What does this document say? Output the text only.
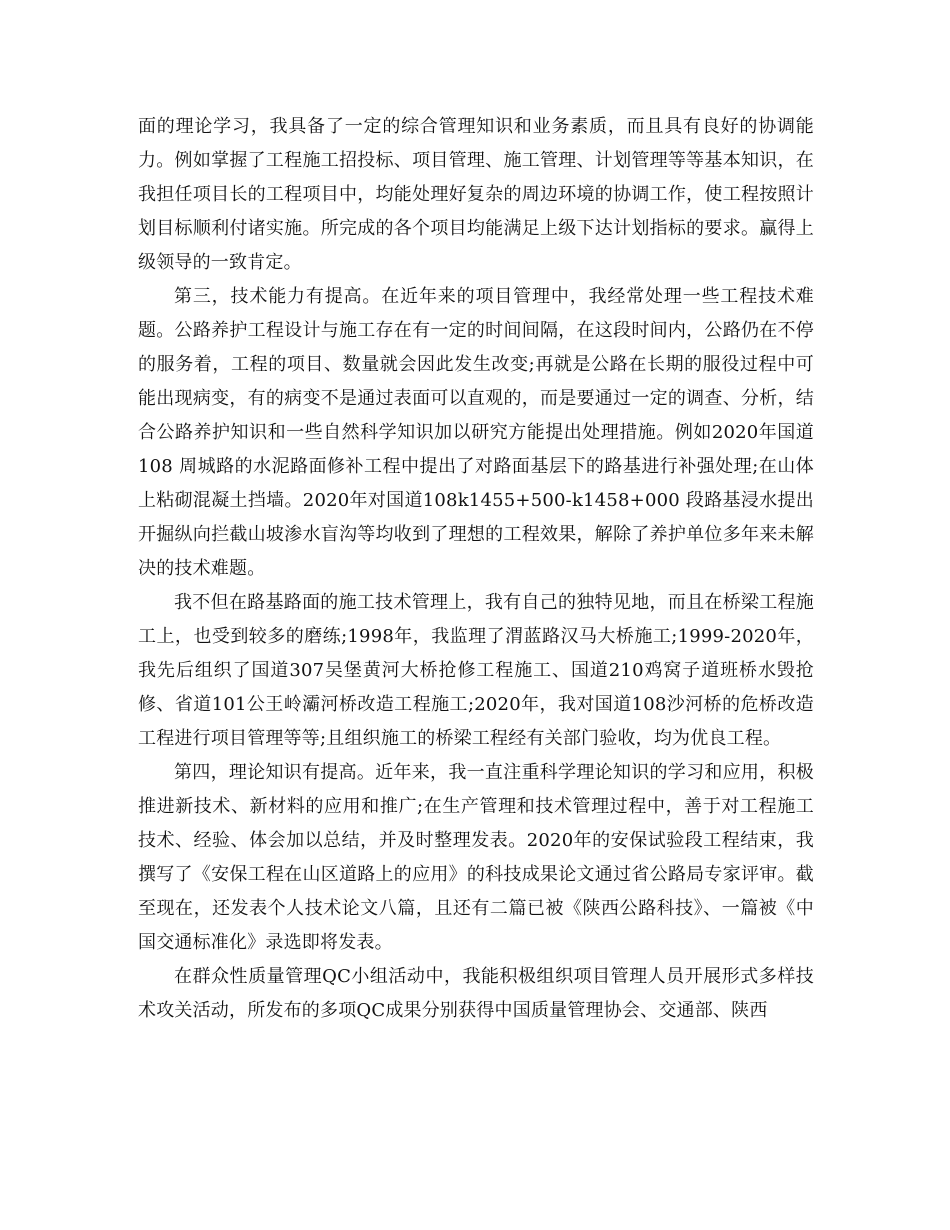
面的理论学习，我具备了一定的综合管理知识和业务素质，而且具有良好的协调能力。例如掌握了工程施工招投标、项目管理、施工管理、计划管理等等基本知识，在我担任项目长的工程项目中，均能处理好复杂的周边环境的协调工作，使工程按照计划目标顺利付诸实施。所完成的各个项目均能满足上级下达计划指标的要求。赢得上级领导的一致肯定。

第三，技术能力有提高。在近年来的项目管理中，我经常处理一些工程技术难题。公路养护工程设计与施工存在有一定的时间间隔，在这段时间内，公路仍在不停的服务着，工程的项目、数量就会因此发生改变;再就是公路在长期的服役过程中可能出现病变，有的病变不是通过表面可以直观的，而是要通过一定的调查、分析，结合公路养护知识和一些自然科学知识加以研究方能提出处理措施。例如2020年国道108 周城路的水泥路面修补工程中提出了对路面基层下的路基进行补强处理;在山体上粘砌混凝土挡墙。2020年对国道108k1455+500-k1458+000 段路基浸水提出开掘纵向拦截山坡渗水盲沟等均收到了理想的工程效果，解除了养护单位多年来未解决的技术难题。

我不但在路基路面的施工技术管理上，我有自己的独特见地，而且在桥梁工程施工上，也受到较多的磨练;1998年，我监理了渭蓝路汉马大桥施工;1999-2020年，我先后组织了国道307吴堡黄河大桥抢修工程施工、国道210鸡窝子道班桥水毁抢修、省道101公王岭灞河桥改造工程施工;2020年，我对国道108沙河桥的危桥改造工程进行项目管理等等;且组织施工的桥梁工程经有关部门验收，均为优良工程。

第四，理论知识有提高。近年来，我一直注重科学理论知识的学习和应用，积极推进新技术、新材料的应用和推广;在生产管理和技术管理过程中，善于对工程施工技术、经验、体会加以总结，并及时整理发表。2020年的安保试验段工程结束，我撰写了《安保工程在山区道路上的应用》的科技成果论文通过省公路局专家评审。截至现在，还发表个人技术论文八篇，且还有二篇已被《陕西公路科技》、一篇被《中国交通标准化》录选即将发表。

在群众性质量管理QC小组活动中，我能积极组织项目管理人员开展形式多样技术攻关活动，所发布的多项QC成果分别获得中国质量管理协会、交通部、陕西
